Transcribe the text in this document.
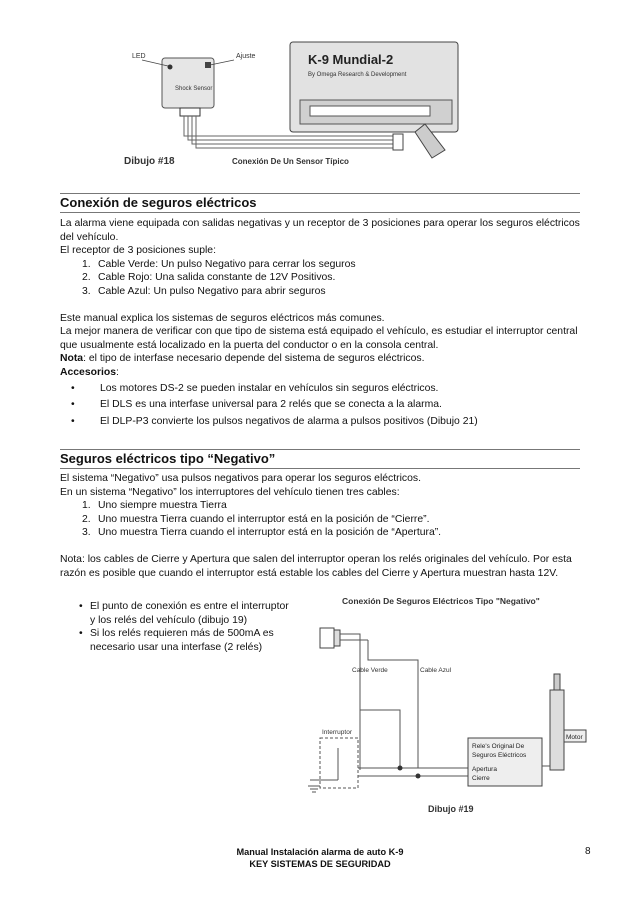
Shock Sensor
LED	Ajuste	K-9 Mundial-2
By Omega Research & Development
Dibujo #18	Conexión De Un Sensor Típico
Conexión de seguros eléctricos

La alarma viene equipada con salidas negativas y un receptor de 3 posiciones para operar los seguros eléctricos del vehículo.

El receptor de 3 posiciones suple:

1. Cable Verde: Un pulso Negativo para cerrar los seguros
2. Cable Rojo: Una salida constante de 12V Positivos.
3. Cable Azul: Un pulso Negativo para abrir seguros

Este manual explica los sistemas de seguros eléctricos más comunes.

La mejor manera de verificar con que tipo de sistema está equipado el vehículo, es estudiar el interruptor central que usualmente está localizado en la puerta del conductor o en la consola central.

Nota: el tipo de interfase necesario depende del sistema de seguros eléctricos.

Accesorios:

• Los motores DS-2 se pueden instalar en vehículos sin seguros eléctricos.
• El DLS es una interfase universal para 2 relés que se conecta a la alarma.
• El DLP-P3 convierte los pulsos negativos de alarma a pulsos positivos (Dibujo 21)
Seguros eléctricos tipo “Negativo”

El sistema “Negativo” usa pulsos negativos para operar los seguros eléctricos.

En un sistema “Negativo” los interruptores del vehículo tienen tres cables:

1. Uno siempre muestra Tierra
2. Uno muestra Tierra cuando el interruptor está en la posición de “Cierre”.
3. Uno muestra Tierra cuando el interruptor está en la posición de “Apertura”.

Nota: los cables de Cierre y Apertura que salen del interruptor operan los relés originales del vehículo. Por esta razón es posible que cuando el interruptor está estable los cables del Cierre y Apertura muestran hasta 12V.

• El punto de conexión es entre el interruptor y los relés del vehículo (dibujo 19)
• Si los relés requieren más de 500mA es necesario usar una interfase (2 relés)
Conexión De Seguros Eléctricos Tipo "Negativo"
Cable Verde	Cable Azul
Interruptor
Rele's Original De
Seguros Eléctricos
Apertura
Cierre
Motor
Dibujo #19
Manual Instalación alarma de auto K-9
KEY SISTEMAS DE SEGURIDAD
8
